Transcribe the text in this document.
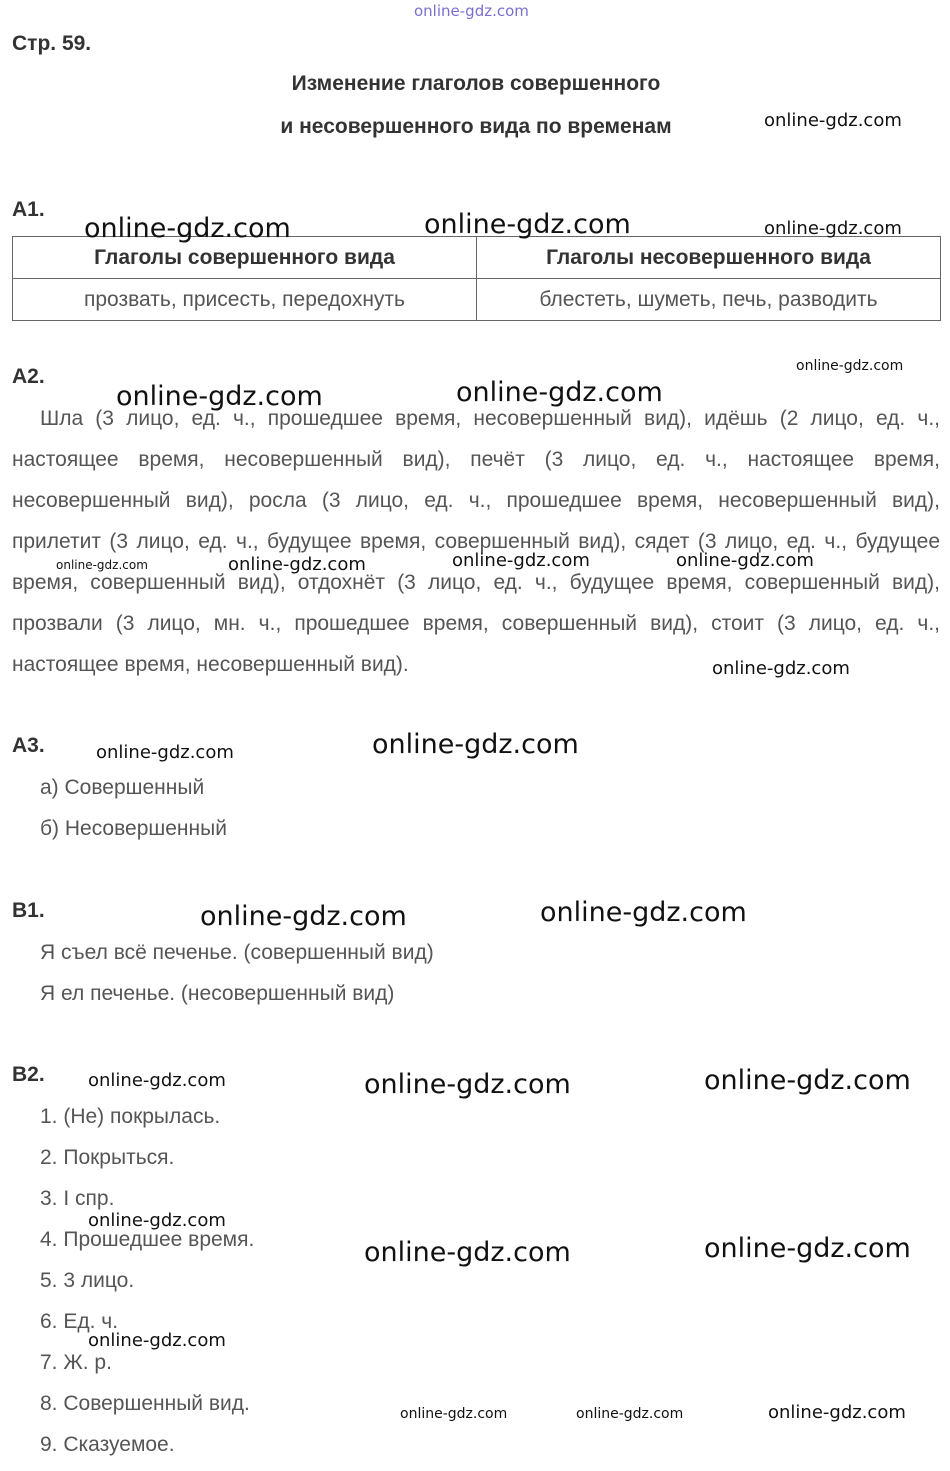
online-gdz.com
Стр. 59.
Изменение глаголов совершенного
и несовершенного вида по временам
А1.
Глаголы совершенного вида	Глаголы несовершенного вида
прозвать, присесть, передохнуть	блестеть, шуметь, печь, разводить
А2.

Шла (3 лицо, ед. ч., прошедшее время, несовершенный вид), идёшь (2 лицо, ед. ч., настоящее время, несовершенный вид), печёт (3 лицо, ед. ч., настоящее время, несовершенный вид), росла (3 лицо, ед. ч., прошедшее время, несовершенный вид), прилетит (3 лицо, ед. ч., будущее время, совершенный вид), сядет (3 лицо, ед. ч., будущее время, совершенный вид), отдохнёт (3 лицо, ед. ч., будущее время, совершенный вид), прозвали (3 лицо, мн. ч., прошедшее время, совершенный вид), стоит (3 лицо, ед. ч., настоящее время, несовершенный вид).

А3.
а) Совершенный
б) Несовершенный
В1.
Я съел всё печенье. (совершенный вид)
Я ел печенье. (несовершенный вид)
В2.
1. (Не) покрылась.
2. Покрыться.
3. I спр.
4. Прошедшее время.
5. 3 лицо.
6. Ед. ч.
7. Ж. р.
8. Совершенный вид.
9. Сказуемое.
online-gdz.com
online-gdz.com	online-gdz.com	online-gdz.com
online-gdz.com
online-gdz.com	online-gdz.com
online-gdz.com	online-gdz.com	online-gdz.com	online-gdz.com
online-gdz.com
online-gdz.com	online-gdz.com
online-gdz.com	online-gdz.com
online-gdz.com	online-gdz.com	online-gdz.com
online-gdz.com
online-gdz.com	online-gdz.com
online-gdz.com
online-gdz.com	online-gdz.com	online-gdz.com
